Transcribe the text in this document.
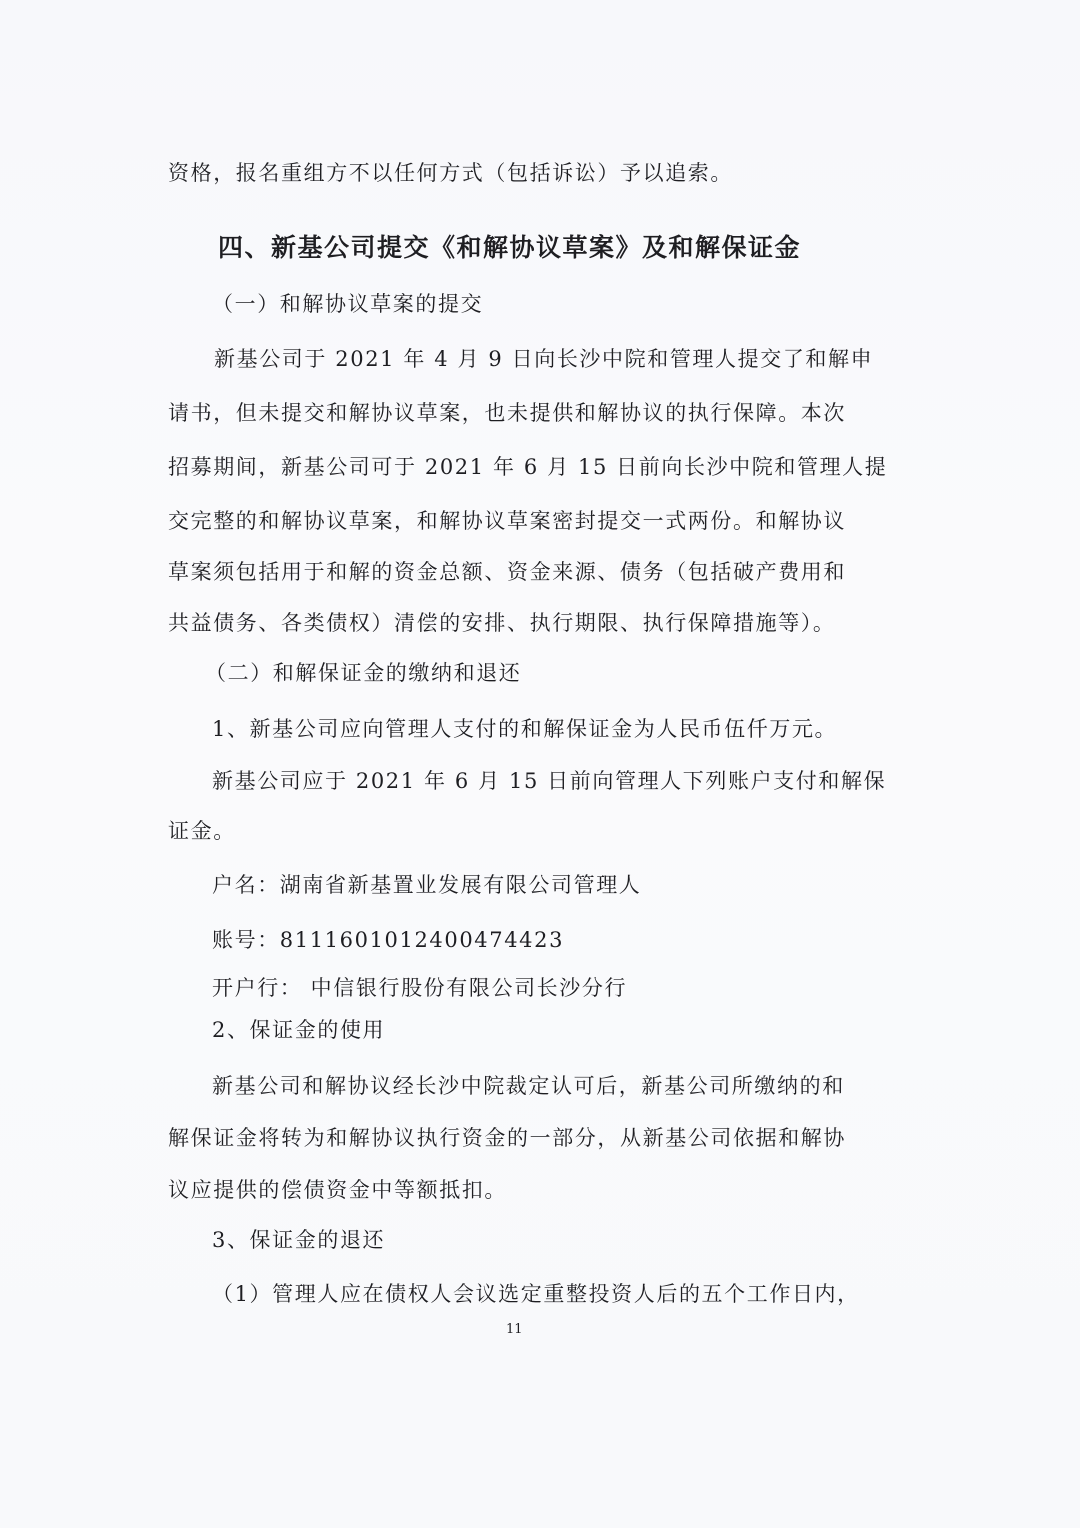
资格，报名重组方不以任何方式（包括诉讼）予以追索。
四、新基公司提交《和解协议草案》及和解保证金
（一）和解协议草案的提交
新基公司于 2021 年 4 月 9 日向长沙中院和管理人提交了和解申
请书，但未提交和解协议草案，也未提供和解协议的执行保障。本次
招募期间，新基公司可于 2021 年 6 月 15 日前向长沙中院和管理人提
交完整的和解协议草案，和解协议草案密封提交一式两份。和解协议
草案须包括用于和解的资金总额、资金来源、债务（包括破产费用和
共益债务、各类债权）清偿的安排、执行期限、执行保障措施等）。
（二）和解保证金的缴纳和退还
1、新基公司应向管理人支付的和解保证金为人民币伍仟万元。
新基公司应于 2021 年 6 月 15 日前向管理人下列账户支付和解保
证金。
户名：湖南省新基置业发展有限公司管理人
账号：8111601012400474423
开户行： 中信银行股份有限公司长沙分行
2、保证金的使用
新基公司和解协议经长沙中院裁定认可后，新基公司所缴纳的和
解保证金将转为和解协议执行资金的一部分，从新基公司依据和解协
议应提供的偿债资金中等额抵扣。
3、保证金的退还
（1）管理人应在债权人会议选定重整投资人后的五个工作日内，
11
